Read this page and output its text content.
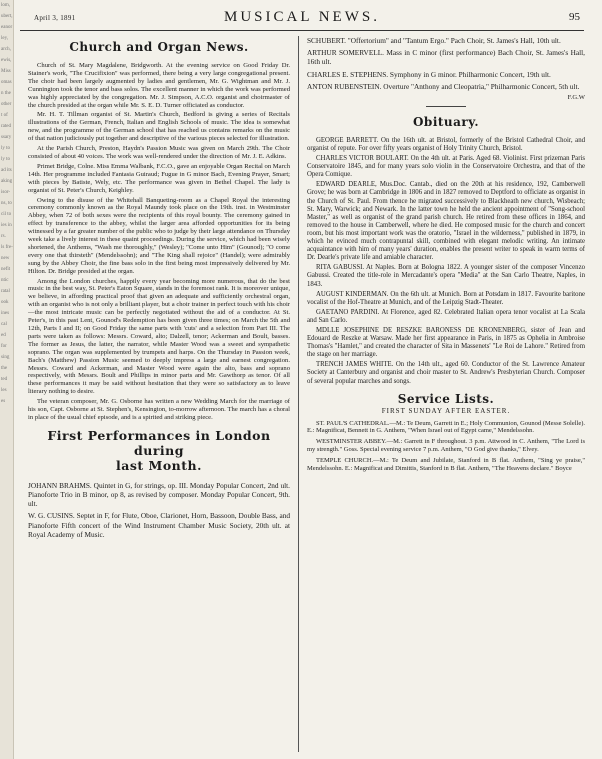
lom,
ubert,
eanor
ley,
arch,
ewis,
Miss
omas
n the
other
t of
rated
ssary
ly to
ly to
ad its
aking
isor-
ns, to
cil to
ies in
rs.
ls fre-
new
nefit
ntic
ratal
ook
ines
cal
ed
for
sing
the
ted
les
es
April 3, 1891	MUSICAL NEWS.	95
Church and Organ News.

Church of St. Mary Magdalene, Bridgworth. At the evening service on Good Friday Dr. Stainer's work, "The Crucifixion" was performed, there being a very large congregational present. The choir had been largely augmented by ladies and gentlemen, Mr. G. Wightman and Mr. J. Cunnington took the tenor and bass solos. The excellent manner in which the work was performed was highly appreciated by the congregation. Mr. J. Simpson, A.C.O. organist and choirmaster of the church presided at the organ while Mr. S. E. D. Turner officiated as conductor.

Mr. H. T. Tillman organist of St. Martin's Church, Bedford is giving a series of Recitals illustrations of the German, French, Italian and English Schools of music. The idea is somewhat new, and the programme of the German school that has reached us contains remarks on the music of that nation judiciously put together and descriptive of the various pieces selected for illustration.

At the Parish Church, Preston, Haydn's Passion Music was given on March 29th. The Choir consisted of about 40 voices. The work was well-rendered under the direction of Mr. J. E. Adkins.

Primet Bridge, Colne. Miss Emma Walbank, F.C.O., gave an enjoyable Organ Recital on March 14th. Her programme included Fantasia Guiraud; Fugue in G minor Bach, Evening Prayer, Smart; with pieces by Batiste, Wely, etc. The performance was given in Bethel Chapel. The lady is organist of St. Peter's Church, Keighley.

Owing to the disuse of the Whitehall Banqueting-room as a Chapel Royal the interesting ceremony commonly known as the Royal Maundy took place on the 19th. inst. in Westminster Abbey, when 72 of both sexes were the recipients of this royal bounty. The ceremony gained in effect by transference to the abbey, whilst the larger area afforded opportunities for its being witnessed by a far greater number of the public who to judge by their large attendance on Thursday week take a lively interest in these quaint proceedings. During the service, which had been wisely shortened, the Anthems, "Wash me thoroughly," (Wesley); "Come unto Him" (Gounod); "O come every one that thirsteth" (Mendelssohn); and "The King shall rejoice" (Handel); were admirably sung by the Abbey Choir, the fine bass solo in the first being most impressively delivered by Mr. Hilton. Dr. Bridge presided at the organ.

Among the London churches, happily every year becoming more numerous, that do the best music in the best way, St. Peter's Eaton Square, stands in the foremost rank. It is moreover unique, we believe, in affording practical proof that given an adequate and sufficiently orchestral organ, with an organist who is not only a brilliant player, but a choir trainer in perfect touch with his choir—the most intricate music can be perfectly negotiated without the aid of a conductor. At St. Peter's, in this past Lent, Gounod's Redemption has been given three times; on March the 5th and 12th, Parts I and II; on Good Friday the same parts with 'cuts' and a selection from Part III. The parts were taken as follows: Messrs. Coward, alto; Dalzell, tenor; Ackerman and Boult, basses. The former as Jesus, the latter, the narrator, while Master Wood was a sweet and sympathetic soprano. The organ was supplemented by trumpets and harps. On the Thursday in Passion week, Bach's (Matthew) Passion Music seemed to deeply impress a large and earnest congregation. Messrs. Coward and Ackerman, and Master Wood were again the alto, bass and soprano respectively, with Messrs. Boult and Phillips in minor parts and Mr. Gawthorp as tenor. Of all these performances it may be said without hesitation that they were so satisfactory as to leave literary nothing to desire.

The veteran composer, Mr. G. Osborne has written a new Wedding March for the marriage of his son, Capt. Osborne at St. Stephen's, Kensington, to-morrow afternoon. The march has a choral in place of the usual chief episode, and is a spirited and striking piece.

First Performances in London during
last Month.

JOHANN BRAHMS. Quintet in G, for strings, op. III. Monday Popular Concert, 2nd ult. Pianoforte Trio in B minor, op 8, as revised by composer. Monday Popular Concert, 9th. ult.

W. G. CUSINS. Septet in F, for Flute, Oboe, Clarionet, Horn, Bassoon, Double Bass, and Pianoforte Fifth concert of the Wind Instrument Chamber Music Society, 20th ult. at Royal Academy of Music.

SCHUBERT. "Offertorium" and "Tantum Ergo." Pach Choir, St. James's Hall, 10th ult.

ARTHUR SOMERVELL. Mass in C minor (first performance) Bach Choir, St. James's Hall, 16th ult.

CHARLES E. STEPHENS. Symphony in G minor. Philharmonic Concert, 19th ult.

ANTON RUBENSTEIN. Overture "Anthony and Cleopatria," Philharmonic Concert, 5th ult.

F.G.W
Obituary.

GEORGE BARRETT. On the 16th ult. at Bristol, formerly of the Bristol Cathedral Choir, and organist of repute. For over fifty years organist of Holy Trinity Church, Bristol.

CHARLES VICTOR BOULART. On the 4th ult. at Paris. Aged 68. Violinist. First prizeman Paris Conservatoire 1845, and for many years solo violin in the Conservatoire Orchestra, and that of the Opera Comique.

EDWARD DEARLE, Mus.Doc. Cantab., died on the 20th at his residence, 192, Camberwell Grove; he was born at Cambridge in 1806 and in 1827 removed to Deptford to officiate as organist in the Church of St. Paul. From thence he migrated successively to Blackheath new church, Wisbeach; St. Mary, Warwick; and Newark. In the latter town he held the ancient appointment of "Song-school Master," as well as organist of the grand parish church. He retired from these offices in 1864, and removed to the house in Camberwell, where he died. He composed music for the church and concert room, but his most important work was the oratorio, "Israel in the wilderness," published in 1879, in which he evinced much contrapuntal skill, combined with elegant melodic writing. An intimate acquaintance with him of many years' duration, enables the present writer to speak in warm terms of Dr. Dearle's private life and amiable character.

RITA GABUSSI. At Naples. Born at Bologna 1822. A younger sister of the composer Vincenzo Gabussi. Created the title-role in Mercadante's opera "Media" at the San Carlo Theatre, Naples, in 1843.

AUGUST KINDERMAN. On the 6th ult. at Munich. Born at Potsdam in 1817. Favourite baritone vocalist of the Hof-Theatre at Munich, and of the Leipzig Stadt-Theater.

GAETANO PARDINI. At Florence, aged 82. Celebrated Italian opera tenor vocalist at La Scala and San Carlo.

MDLLE JOSEPHINE DE RESZKE BARONESS DE KRONENBERG, sister of Jean and Edouard de Reszke at Warsaw. Made her first appearance in Paris, in 1875 as Ophelia in Ambroise Thomas's "Hamlet," and created the character of Sita in Massenets' "Le Roi de Lahore." Retired from the stage on her marriage.

TRENCH JAMES WHITE. On the 14th ult., aged 60. Conductor of the St. Lawrence Amateur Society at Canterbury and organist and choir master to St. Andrew's Presbyterian Church. Composer of several popular marches and songs.

Service Lists.
FIRST SUNDAY AFTER EASTER.

ST. PAUL'S CATHEDRAL.—M.: Te Deum, Garrett in E.; Holy Communion, Gounod (Messe Solelle). E.: Magnificat, Bennett in G. Anthem, "When Israel out of Egypt came," Mendelssohn.

WESTMINSTER ABBEY.—M.: Garrett in F throughout. 3 p.m. Attwood in C. Anthem, "The Lord is my strength." Goss. Special evening service 7 p.m. Anthem, "O God give thanks," Elvey.

TEMPLE CHURCH.—M.: Te Deum and Jubilate, Stanford in B flat. Anthem, "Sing ye praise," Mendelssohn. E.: Magnificat and Dimittis, Stanford in B flat. Anthem, "The Heavens declare." Boyce
